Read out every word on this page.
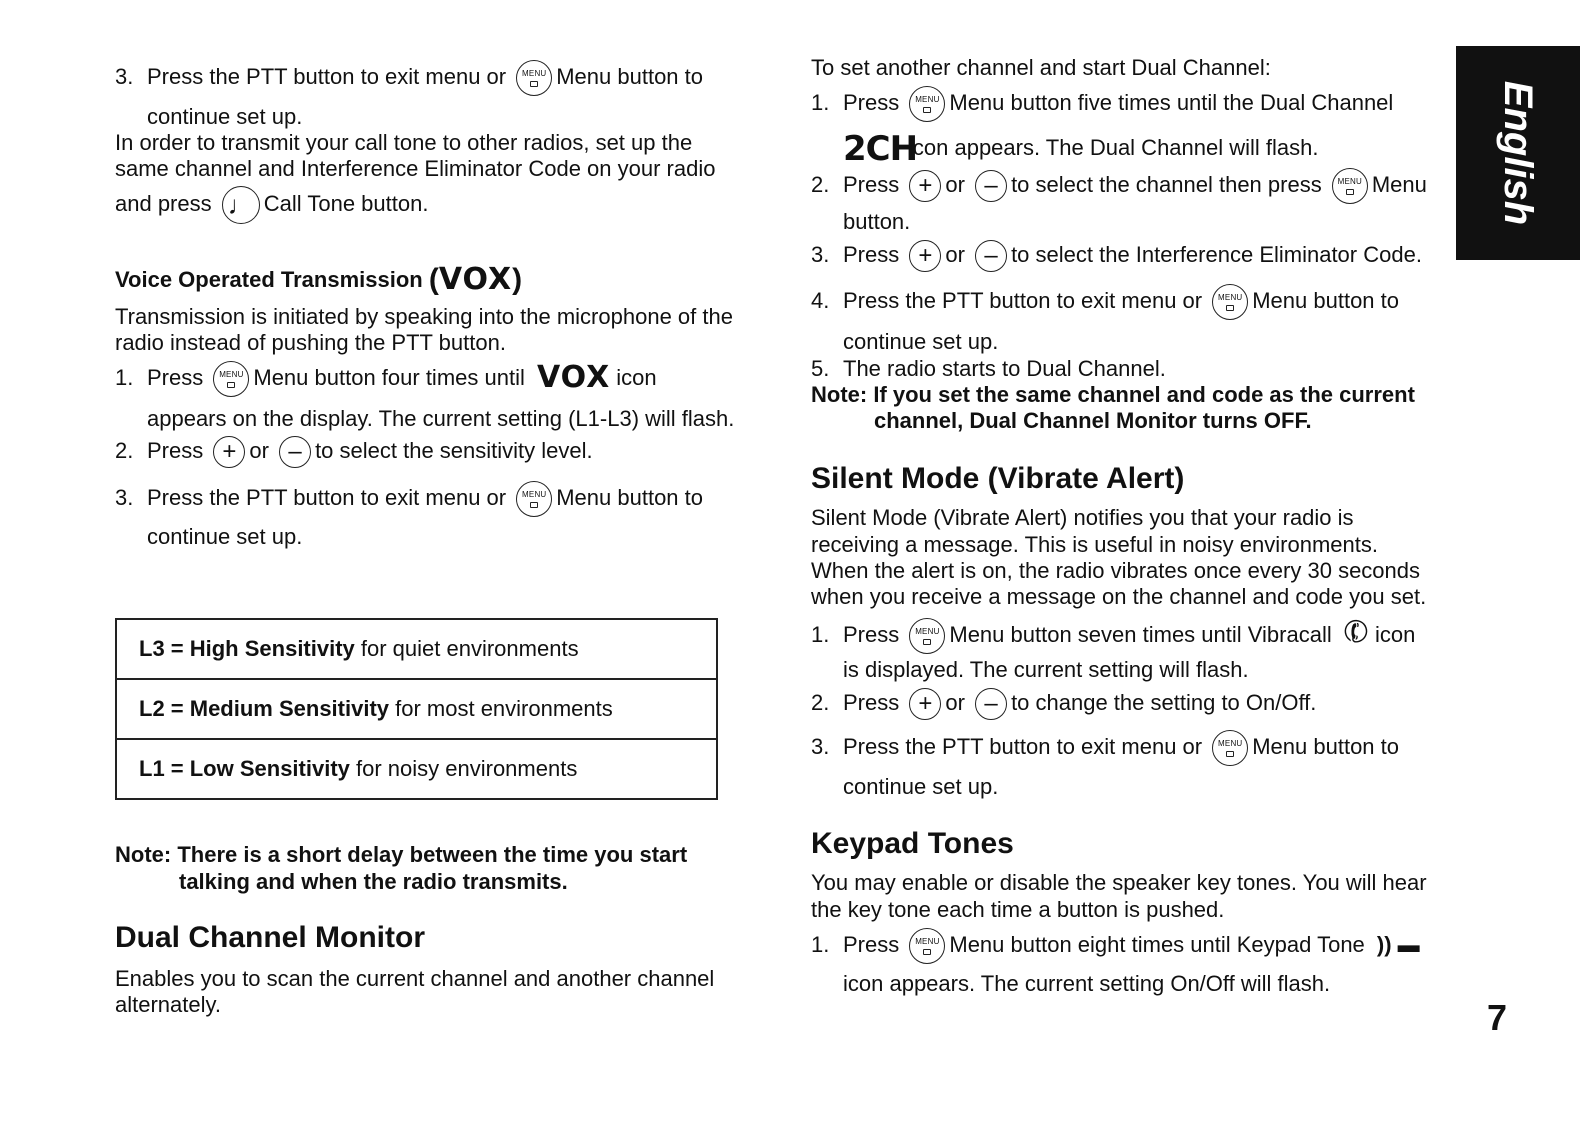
3. Press the PTT button to exit menu or	MENU Menu button to
continue set up.
In order to transmit your call tone to other radios, set up the
same channel and Interference Eliminator Code on your radio
and press ♩ Call Tone button.
Voice Operated Transmission (VOX)
Transmission is initiated by speaking into the microphone of the
radio instead of pushing the PTT button.
1. Press	MENU Menu button four times until VOX icon
appears on the display. The current setting (L1-L3) will flash.
2. Press + or – to select the sensitivity level.
3. Press the PTT button to exit menu or	MENU Menu button to
continue set up.
L3 = High Sensitivity for quiet environments
L2 = Medium Sensitivity for most environments
L1 = Low Sensitivity for noisy environments
Note: There is a short delay between the time you start
talking and when the radio transmits.
Dual Channel Monitor
Enables you to scan the current channel and another channel
alternately.
To set another channel and start Dual Channel:
1. Press	MENU Menu button five times until the Dual Channel
2CH
icon appears. The Dual Channel will flash.
2. Press + or – to select the channel then press	MENU Menu
button.
3. Press + or – to select the Interference Eliminator Code.
4. Press the PTT button to exit menu or	MENU Menu button to
continue set up.
5. The radio starts to Dual Channel.
Note: If you set the same channel and code as the current
channel, Dual Channel Monitor turns OFF.
Silent Mode (Vibrate Alert)
Silent Mode (Vibrate Alert) notifies you that your radio is
receiving a message. This is useful in noisy environments.
When the alert is on, the radio vibrates once every 30 seconds
when you receive a message on the channel and code you set.
1. Press	MENU Menu button seven times until Vibracall ✆icon
is displayed. The current setting will flash.
2. Press + or – to change the setting to On/Off.
3. Press the PTT button to exit menu or	MENU Menu button to
continue set up.
Keypad Tones
You may enable or disable the speaker key tones. You will hear
the key tone each time a button is pushed.
1. Press	MENU Menu button eight times until Keypad Tone )) ▬
icon appears. The current setting On/Off will flash.
English
7
